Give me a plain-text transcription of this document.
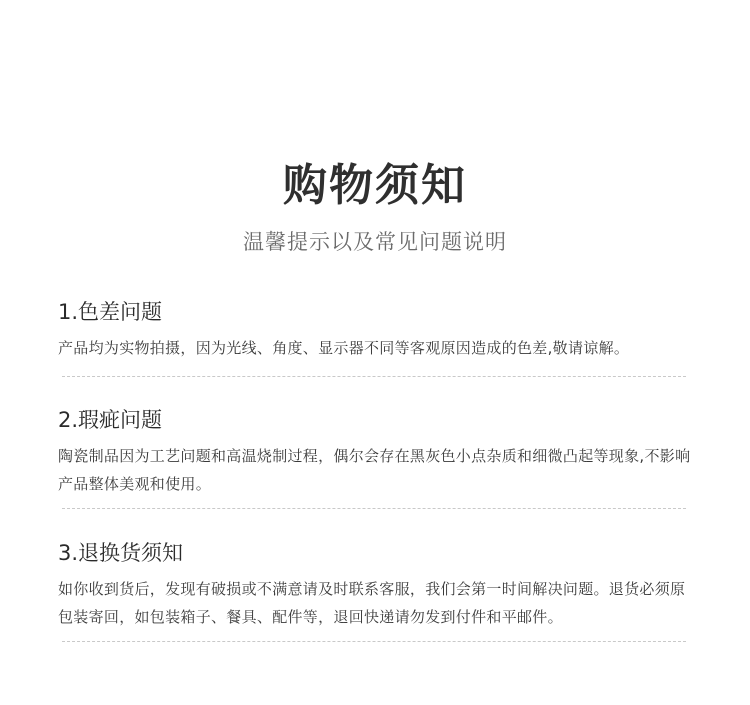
购物须知
温馨提示以及常见问题说明
1.色差问题
产品均为实物拍摄，因为光线、角度、显示器不同等客观原因造成的色差,敬请谅解。
2.瑕疵问题
陶瓷制品因为工艺问题和高温烧制过程，偶尔会存在黑灰色小点杂质和细微凸起等现象,不影响产品整体美观和使用。
3.退换货须知
如你收到货后，发现有破损或不满意请及时联系客服，我们会第一时间解决问题。退货必须原包装寄回，如包装箱子、餐具、配件等，退回快递请勿发到付件和平邮件。
